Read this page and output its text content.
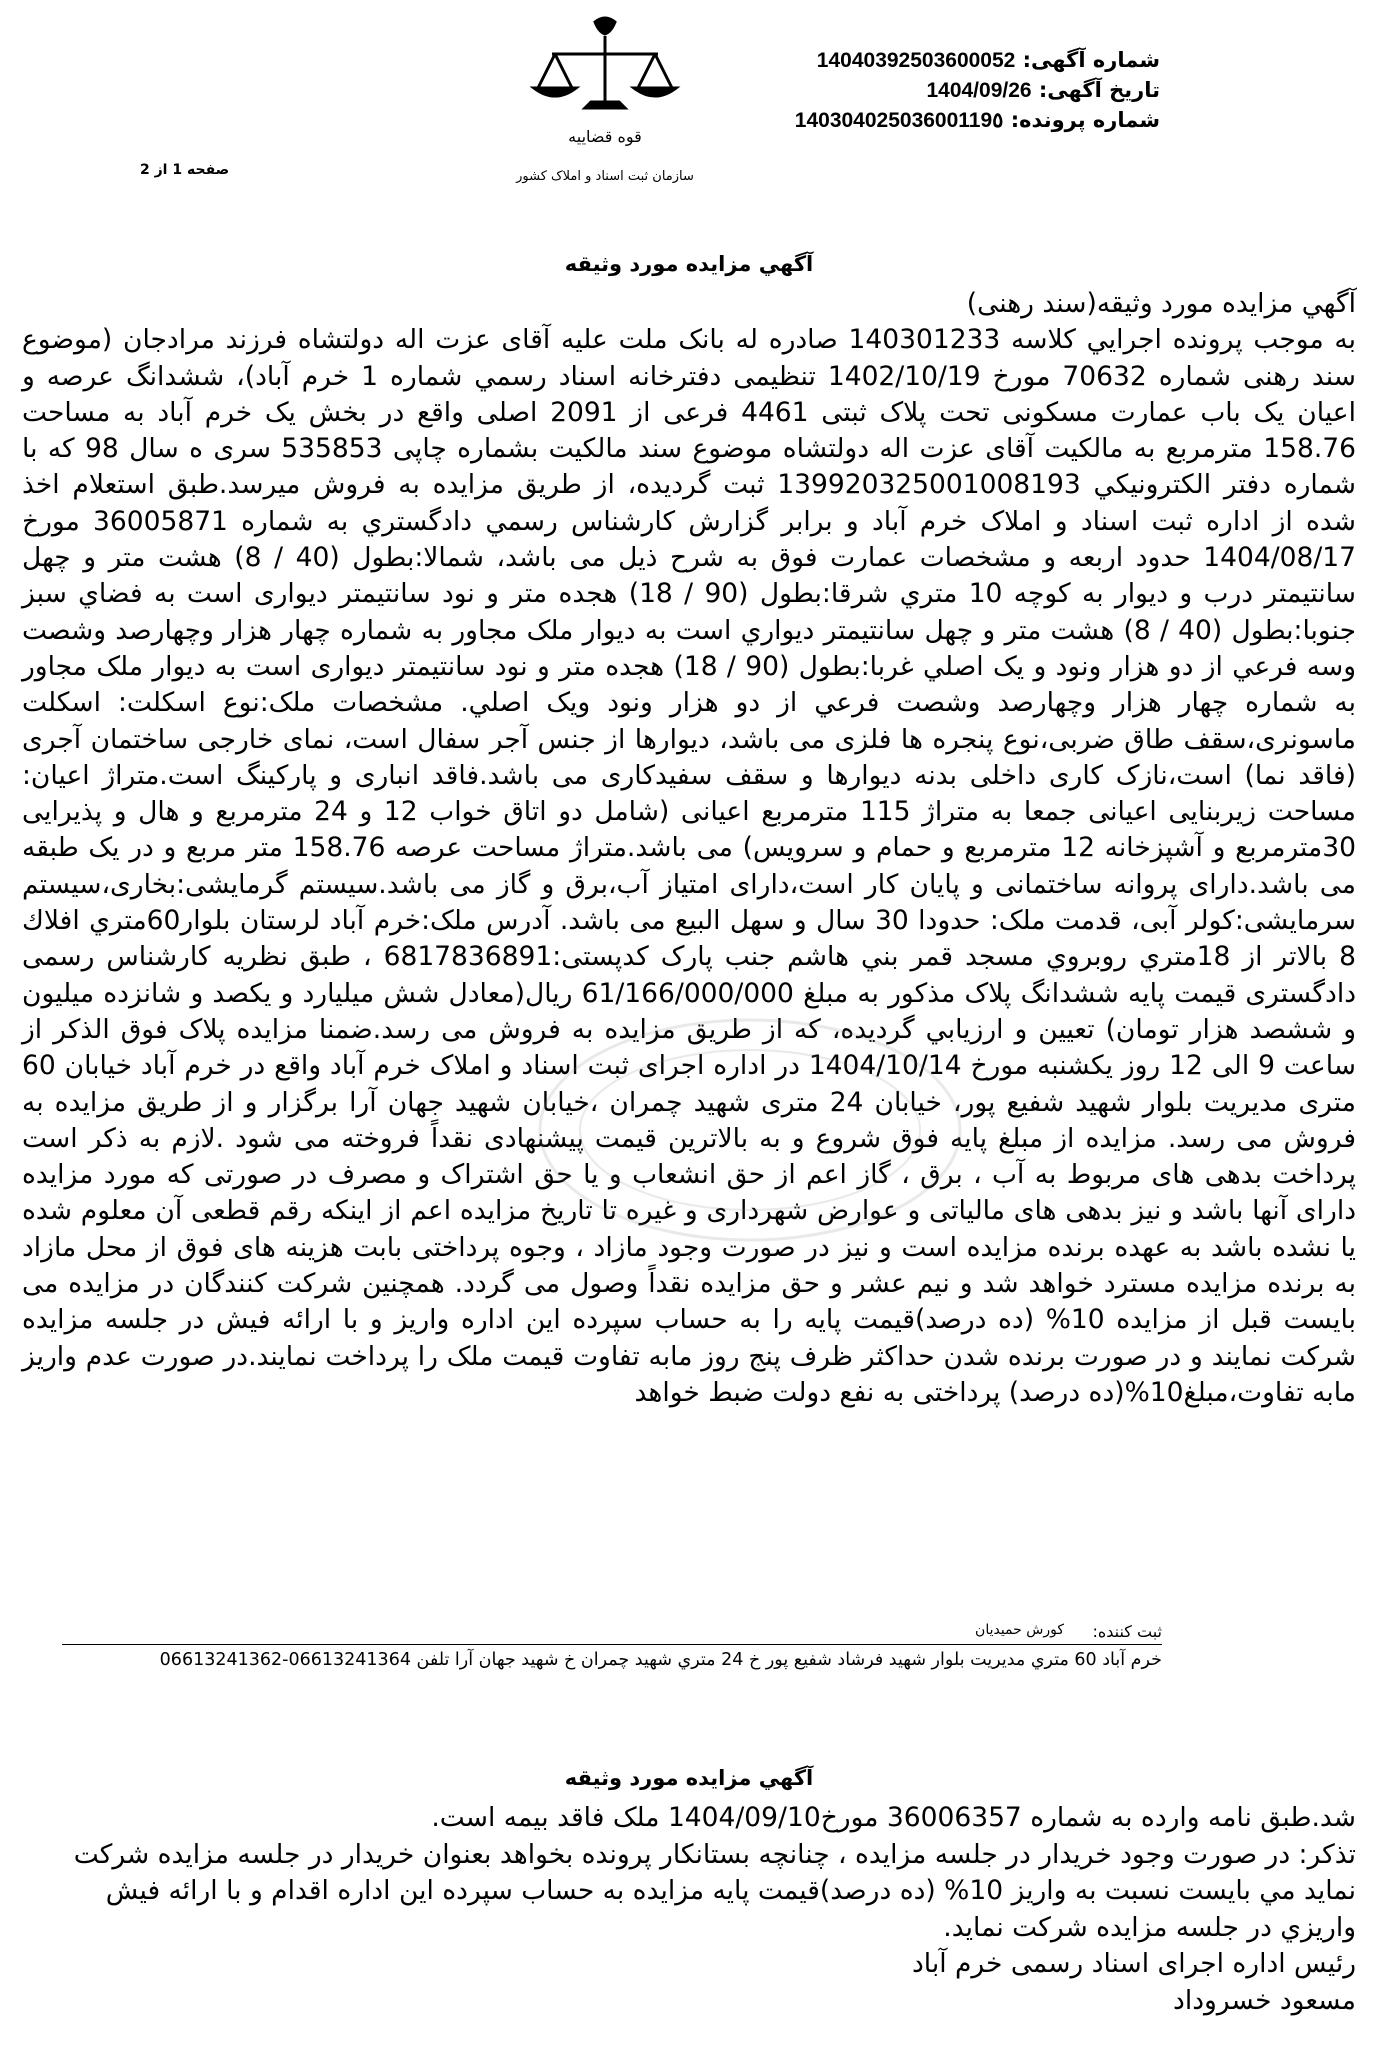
شماره آگهی: 14040392503600052
تاریخ آگهی: 1404/09/26
شماره پرونده: 14030402503600119٥
صفحه 1 از 2
قوه قضاییه
سازمان ثبت اسناد و املاک کشور
آگهي مزايده مورد وثيقه

آگهي مزايده مورد وثيقه(سند رهنی)

به موجب پرونده اجرايي كلاسه 140301233 صادره له بانک ملت علیه آقای عزت اله دولتشاه فرزند مرادجان (موضوع سند رهنی شماره 70632 مورخ 1402/10/19 تنظیمی دفترخانه اسناد رسمي شماره 1 خرم آباد)، ششدانگ عرصه و اعیان یک باب عمارت مسکونی تحت پلاک ثبتی 4461 فرعی از 2091 اصلی واقع در بخش یک خرم آباد به مساحت 158.76 مترمربع به مالکیت آقای عزت اله دولتشاه موضوع سند مالکیت بشماره چاپی 535853 سری ه سال 98 که با شماره دفتر الكترونيكي 139920325001008193 ثبت گردیده، از طريق مزايده به فروش ميرسد.طبق استعلام اخذ شده از اداره ثبت اسناد و املاک خرم آباد و برابر گزارش كارشناس رسمي دادگستري به شماره 36005871 مورخ 1404/08/17 حدود اربعه و مشخصات عمارت فوق به شرح ذیل می باشد، شمالا:بطول (40 / 8) هشت متر و چهل سانتیمتر درب و دیوار به کوچه 10 متري شرقا:بطول (90 / 18) هجده متر و نود سانتیمتر دیواری است به فضاي سبز جنوبا:بطول (40 / 8) هشت متر و چهل سانتيمتر ديواري است به دیوار ملک مجاور به شماره چهار هزار وچهارصد وشصت وسه فرعي از دو هزار ونود و یک اصلي غربا:بطول (90 / 18) هجده متر و نود سانتیمتر دیواری است به دیوار ملک مجاور به شماره چهار هزار وچهارصد وشصت فرعي از دو هزار ونود ويک اصلي. مشخصات ملک:نوع اسکلت: اسکلت ماسونری،سقف طاق ضربی،نوع پنجره ها فلزی می باشد، دیوارها از جنس آجر سفال است، نمای خارجی ساختمان آجری (فاقد نما) است،نازک کاری داخلی بدنه دیوارها و سقف سفیدکاری می باشد.فاقد انباری و پارکینگ است.متراژ اعیان: مساحت زیربنایی اعیانی جمعا به متراژ 115 مترمربع اعیانی (شامل دو اتاق خواب 12 و 24 مترمربع و هال و پذیرایی 30مترمربع و آشپزخانه 12 مترمربع و حمام و سرویس) می باشد.متراژ مساحت عرصه 158.76 متر مربع و در یک طبقه می باشد.دارای پروانه ساختمانی و پایان کار است،دارای امتیاز آب،برق و گاز می باشد.سیستم گرمایشی:بخاری،سیستم سرمایشی:کولر آبی، قدمت ملک: حدودا 30 سال و سهل البیع می باشد. آدرس ملک:خرم آباد لرستان بلوار60متري افلاك 8 بالاتر از 18متري روبروي مسجد قمر بني هاشم جنب پارک کدپستی:6817836891 ، طبق نظریه کارشناس رسمی دادگستری قیمت پایه ششدانگ پلاک مذکور به مبلغ 61/166/000/000 ريال(معادل شش میلیارد و یکصد و شانزده میلیون و ششصد هزار تومان) تعيين و ارزيابي گرديده، كه از طريق مزايده به فروش مى رسد.ضمنا مزايده پلاک فوق الذكر از ساعت 9 الی 12 روز یکشنبه مورخ 1404/10/14 در اداره اجرای ثبت اسناد و املاک خرم آباد واقع در خرم آباد خیابان 60 متری مدیریت بلوار شهید شفیع پور، خیابان 24 متری شهید چمران ،خیابان شهید جهان آرا برگزار و از طریق مزایده به فروش می رسد. مزايده از مبلغ پايه فوق شروع و به بالاترين قيمت پيشنهادی نقداً فروخته مى شود .لازم به ذکر است پرداخت بدهی های مربوط به آب ، برق ، گاز اعم از حق انشعاب و يا حق اشتراک و مصرف در صورتى كه مورد مزايده داراى آنها باشد و نيز بدهى هاى مالياتى و عوارض شهرداری و غيره تا تاريخ مزايده اعم از اينكه رقم قطعى آن معلوم شده يا نشده باشد به عهده برنده مزايده است و نيز در صورت وجود مازاد ، وجوه پرداختى بابت هزينه هاى فوق از محل مازاد به برنده مزايده مسترد خواهد شد و نيم عشر و حق مزايده نقداً وصول مى گردد. همچنین شرکت کنندگان در مزایده می بایست قبل از مزایده 10% (ده درصد)قیمت پایه را به حساب سپرده این اداره واریز و با ارائه فیش در جلسه مزایده شرکت نمایند و در صورت برنده شدن حداکثر ظرف پنج روز مابه تفاوت قیمت ملک را پرداخت نمایند.در صورت عدم واریز مابه تفاوت،مبلغ10%(ده درصد) پرداختی به نفع دولت ضبط خواهد

ثبت کننده:
کورش حمیدیان
خرم آباد 60 متري مديريت بلوار شهيد فرشاد شفيع پور خ 24 متري شهيد چمران خ شهيد جهان آرا تلفن 06613241364-06613241362
آگهي مزايده مورد وثيقه

شد.طبق نامه وارده به شماره 36006357 مورخ1404/09/10 ملک فاقد بیمه است.

تذكر: در صورت وجود خريدار در جلسه مزايده ، چنانچه بستانكار پرونده بخواهد بعنوان خريدار در جلسه مزايده شركت نمايد مي بايست نسبت به واريز 10% (ده درصد)قیمت پایه مزایده به حساب سپرده این اداره اقدام و با ارائه فيش واريزي در جلسه مزايده شركت نمايد.

رئیس اداره اجرای اسناد رسمی خرم آباد

مسعود خسروداد
